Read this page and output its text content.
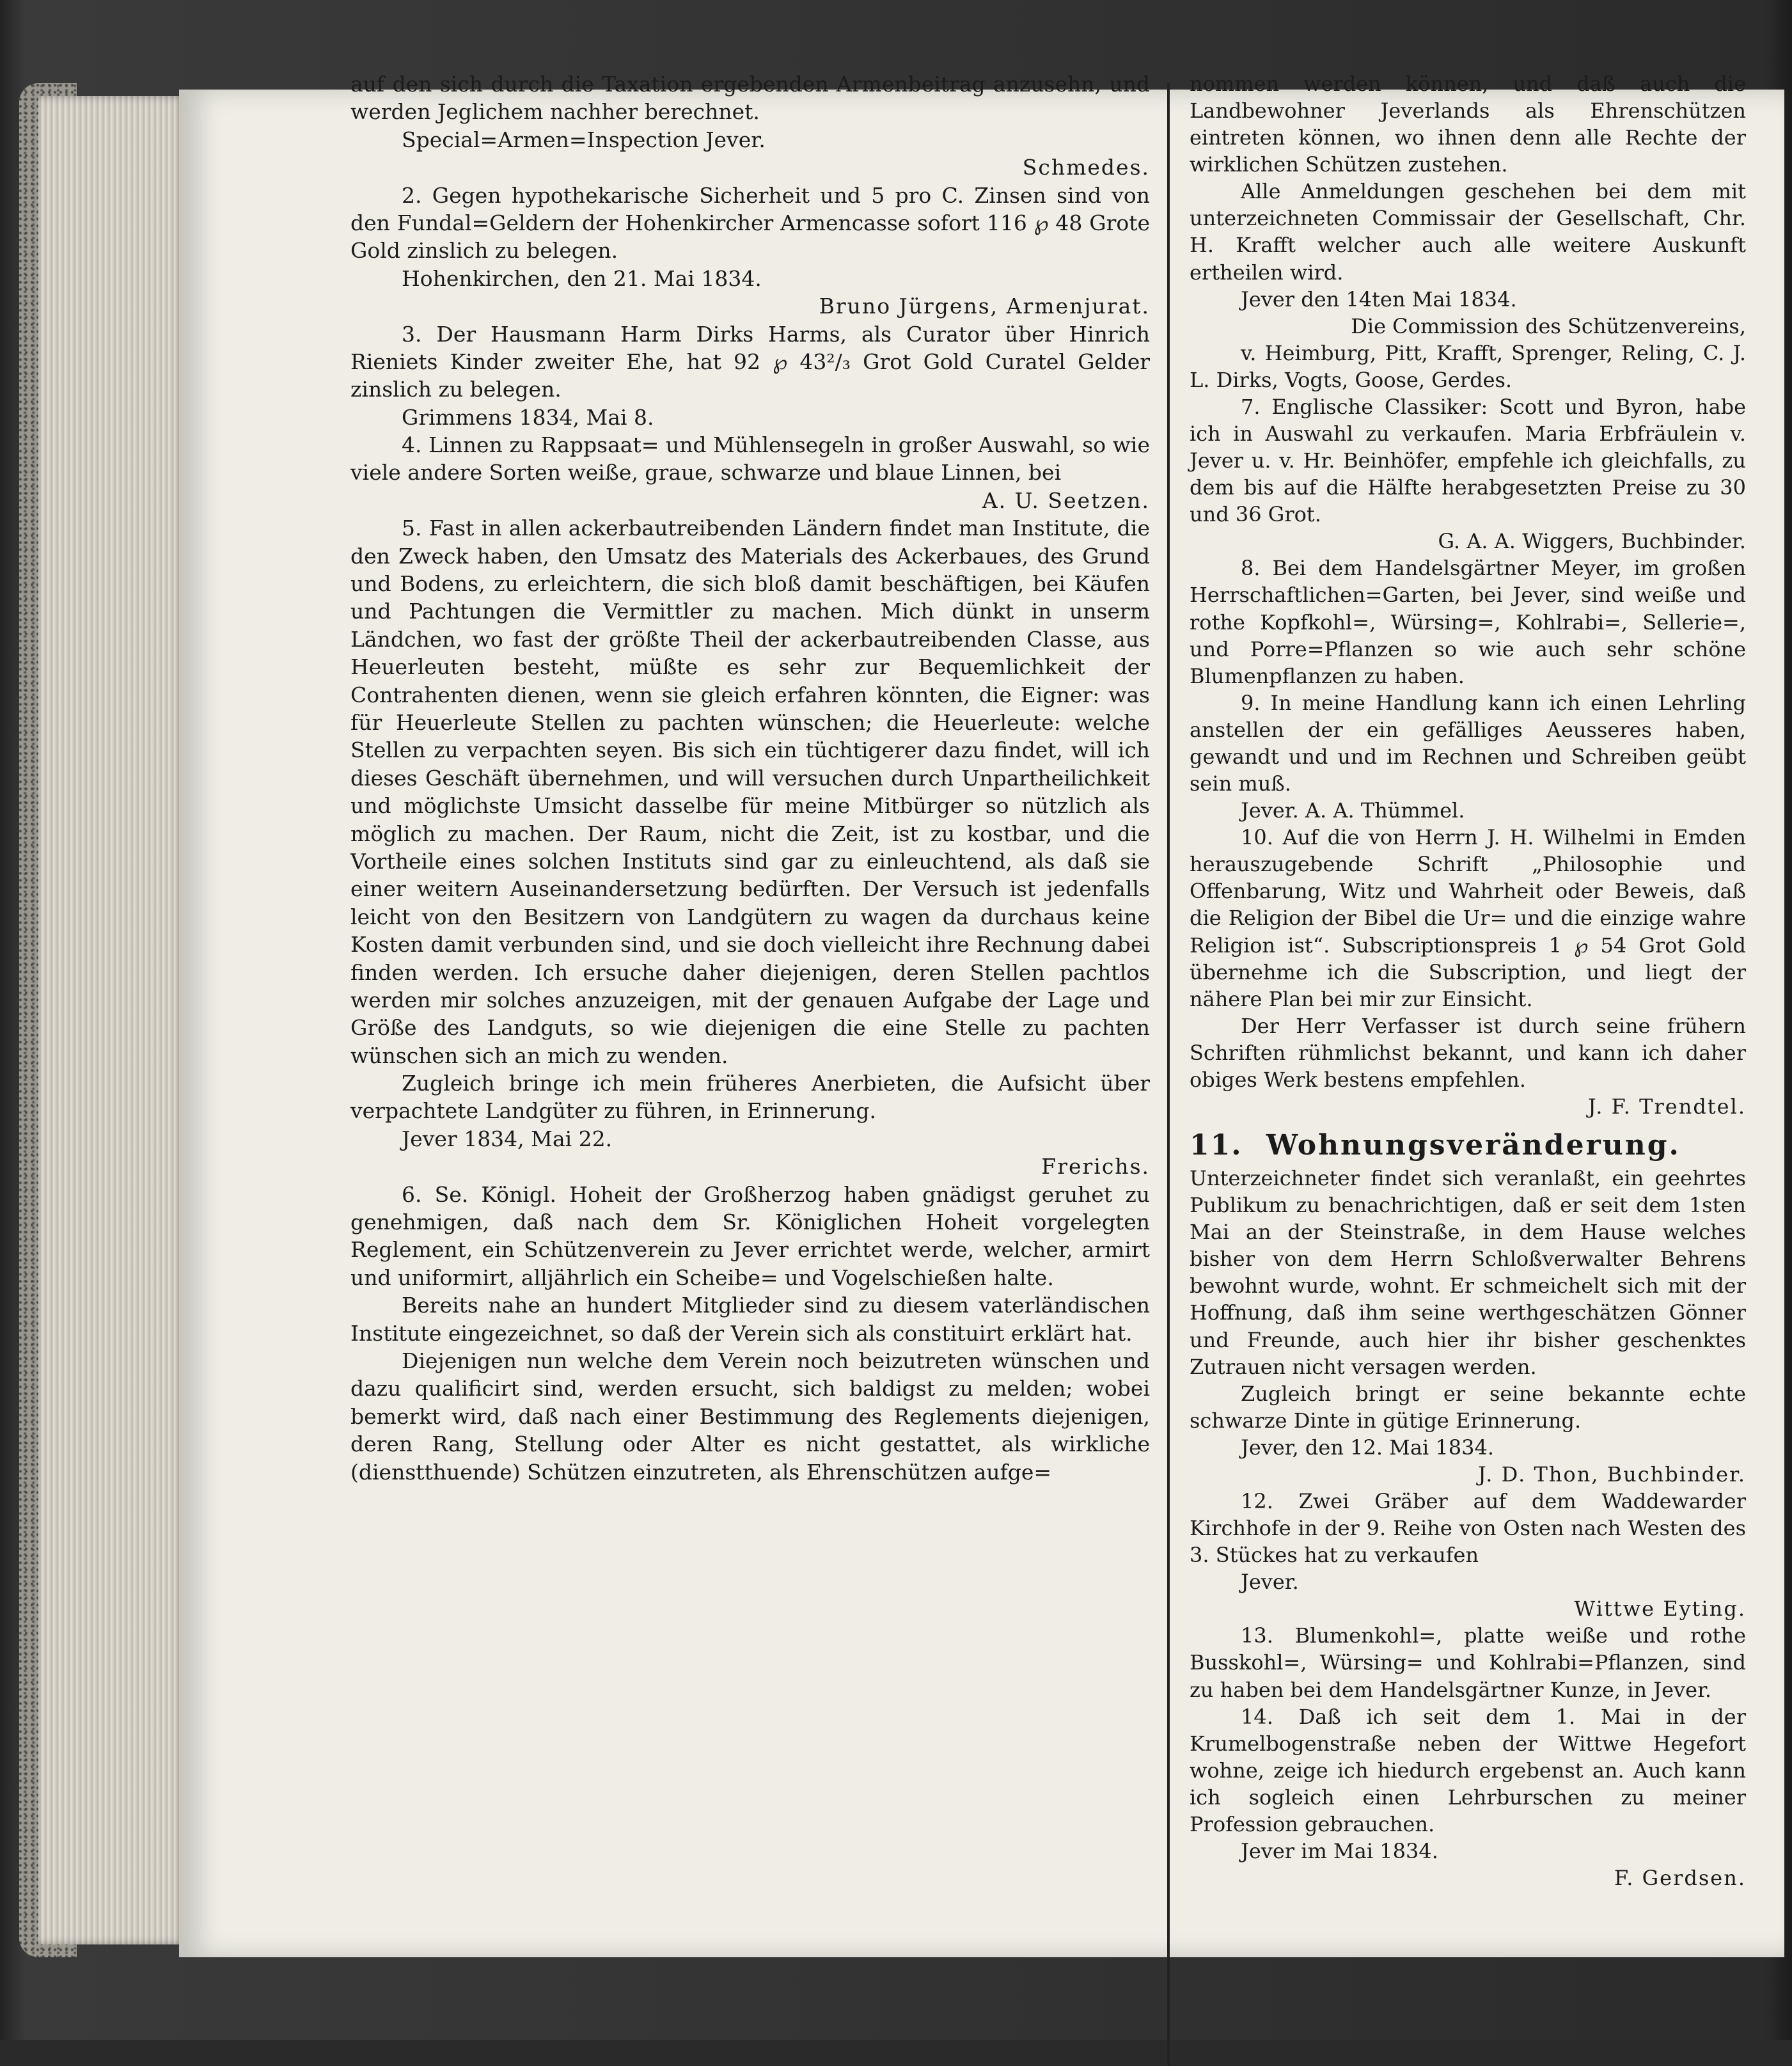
auf den sich durch die Taxation ergebenden Armenbeitrag anzusehn, und werden Jeglichem nachher berechnet.

Special=Armen=Inspection Jever.

Schmedes.

2. Gegen hypothekarische Sicherheit und 5 pro C. Zinsen sind von den Fundal=Geldern der Hohenkircher Armencasse sofort 116 ℘ 48 Grote Gold zinslich zu belegen.

Hohenkirchen, den 21. Mai 1834.

Bruno Jürgens, Armenjurat.

3. Der Hausmann Harm Dirks Harms, als Curator über Hinrich Rieniets Kinder zweiter Ehe, hat 92 ℘ 43²/₃ Grot Gold Curatel Gelder zinslich zu belegen.

Grimmens 1834, Mai 8.

4. Linnen zu Rappsaat= und Mühlensegeln in großer Auswahl, so wie viele andere Sorten weiße, graue, schwarze und blaue Linnen, bei

A. U. Seetzen.

5. Fast in allen ackerbautreibenden Ländern findet man Institute, die den Zweck haben, den Umsatz des Materials des Ackerbaues, des Grund und Bodens, zu erleichtern, die sich bloß damit beschäftigen, bei Käufen und Pachtungen die Vermittler zu machen. Mich dünkt in unserm Ländchen, wo fast der größte Theil der ackerbautreibenden Classe, aus Heuerleuten besteht, müßte es sehr zur Bequemlichkeit der Contrahenten dienen, wenn sie gleich erfahren könnten, die Eigner: was für Heuerleute Stellen zu pachten wünschen; die Heuerleute: welche Stellen zu verpachten seyen. Bis sich ein tüchtigerer dazu findet, will ich dieses Geschäft übernehmen, und will versuchen durch Unpartheilichkeit und möglichste Umsicht dasselbe für meine Mitbürger so nützlich als möglich zu machen. Der Raum, nicht die Zeit, ist zu kostbar, und die Vortheile eines solchen Instituts sind gar zu einleuchtend, als daß sie einer weitern Auseinandersetzung bedürften. Der Versuch ist jedenfalls leicht von den Besitzern von Landgütern zu wagen da durchaus keine Kosten damit verbunden sind, und sie doch vielleicht ihre Rechnung dabei finden werden. Ich ersuche daher diejenigen, deren Stellen pachtlos werden mir solches anzuzeigen, mit der genauen Aufgabe der Lage und Größe des Landguts, so wie diejenigen die eine Stelle zu pachten wünschen sich an mich zu wenden.

Zugleich bringe ich mein früheres Anerbieten, die Aufsicht über verpachtete Landgüter zu führen, in Erinnerung.

Jever 1834, Mai 22.

Frerichs.

6. Se. Königl. Hoheit der Großherzog haben gnädigst geruhet zu genehmigen, daß nach dem Sr. Königlichen Hoheit vorgelegten Reglement, ein Schützenverein zu Jever errichtet werde, welcher, armirt und uniformirt, alljährlich ein Scheibe= und Vogelschießen halte.

Bereits nahe an hundert Mitglieder sind zu diesem vaterländischen Institute eingezeichnet, so daß der Verein sich als constituirt erklärt hat.

Diejenigen nun welche dem Verein noch beizutreten wünschen und dazu qualificirt sind, werden ersucht, sich baldigst zu melden; wobei bemerkt wird, daß nach einer Bestimmung des Reglements diejenigen, deren Rang, Stellung oder Alter es nicht gestattet, als wirkliche (dienstthuende) Schützen einzutreten, als Ehrenschützen aufge=

nommen werden können, und daß auch die Landbewohner Jeverlands als Ehrenschützen eintreten können, wo ihnen denn alle Rechte der wirklichen Schützen zustehen.

Alle Anmeldungen geschehen bei dem mit unterzeichneten Commissair der Gesellschaft, Chr. H. Krafft welcher auch alle weitere Auskunft ertheilen wird.

Jever den 14ten Mai 1834.

Die Commission des Schützenvereins,

v. Heimburg, Pitt, Krafft, Sprenger, Reling, C. J. L. Dirks, Vogts, Goose, Gerdes.

7. Englische Classiker: Scott und Byron, habe ich in Auswahl zu verkaufen. Maria Erbfräulein v. Jever u. v. Hr. Beinhöfer, empfehle ich gleichfalls, zu dem bis auf die Hälfte herabgesetzten Preise zu 30 und 36 Grot.

G. A. A. Wiggers, Buchbinder.

8. Bei dem Handelsgärtner Meyer, im großen Herrschaftlichen=Garten, bei Jever, sind weiße und rothe Kopfkohl=, Würsing=, Kohlrabi=, Sellerie=, und Porre=Pflanzen so wie auch sehr schöne Blumenpflanzen zu haben.

9. In meine Handlung kann ich einen Lehrling anstellen der ein gefälliges Aeusseres haben, gewandt und und im Rechnen und Schreiben geübt sein muß.

Jever. A. A. Thümmel.

10. Auf die von Herrn J. H. Wilhelmi in Emden herauszugebende Schrift „Philosophie und Offenbarung, Witz und Wahrheit oder Beweis, daß die Religion der Bibel die Ur= und die einzige wahre Religion ist“. Subscriptionspreis 1 ℘ 54 Grot Gold übernehme ich die Subscription, und liegt der nähere Plan bei mir zur Einsicht.

Der Herr Verfasser ist durch seine frühern Schriften rühmlichst bekannt, und kann ich daher obiges Werk bestens empfehlen.

J. F. Trendtel.

11. Wohnungsveränderung.

Unterzeichneter findet sich veranlaßt, ein geehrtes Publikum zu benachrichtigen, daß er seit dem 1sten Mai an der Steinstraße, in dem Hause welches bisher von dem Herrn Schloßverwalter Behrens bewohnt wurde, wohnt. Er schmeichelt sich mit der Hoffnung, daß ihm seine werthgeschätzen Gönner und Freunde, auch hier ihr bisher geschenktes Zutrauen nicht versagen werden.

Zugleich bringt er seine bekannte echte schwarze Dinte in gütige Erinnerung.

Jever, den 12. Mai 1834.

J. D. Thon, Buchbinder.

12. Zwei Gräber auf dem Waddewarder Kirchhofe in der 9. Reihe von Osten nach Westen des 3. Stückes hat zu verkaufen

Jever.

Wittwe Eyting.

13. Blumenkohl=, platte weiße und rothe Busskohl=, Würsing= und Kohlrabi=Pflanzen, sind zu haben bei dem Handelsgärtner Kunze, in Jever.

14. Daß ich seit dem 1. Mai in der Krumelbogenstraße neben der Wittwe Hegefort wohne, zeige ich hiedurch ergebenst an. Auch kann ich sogleich einen Lehrburschen zu meiner Profession gebrauchen.

Jever im Mai 1834.

F. Gerdsen.
